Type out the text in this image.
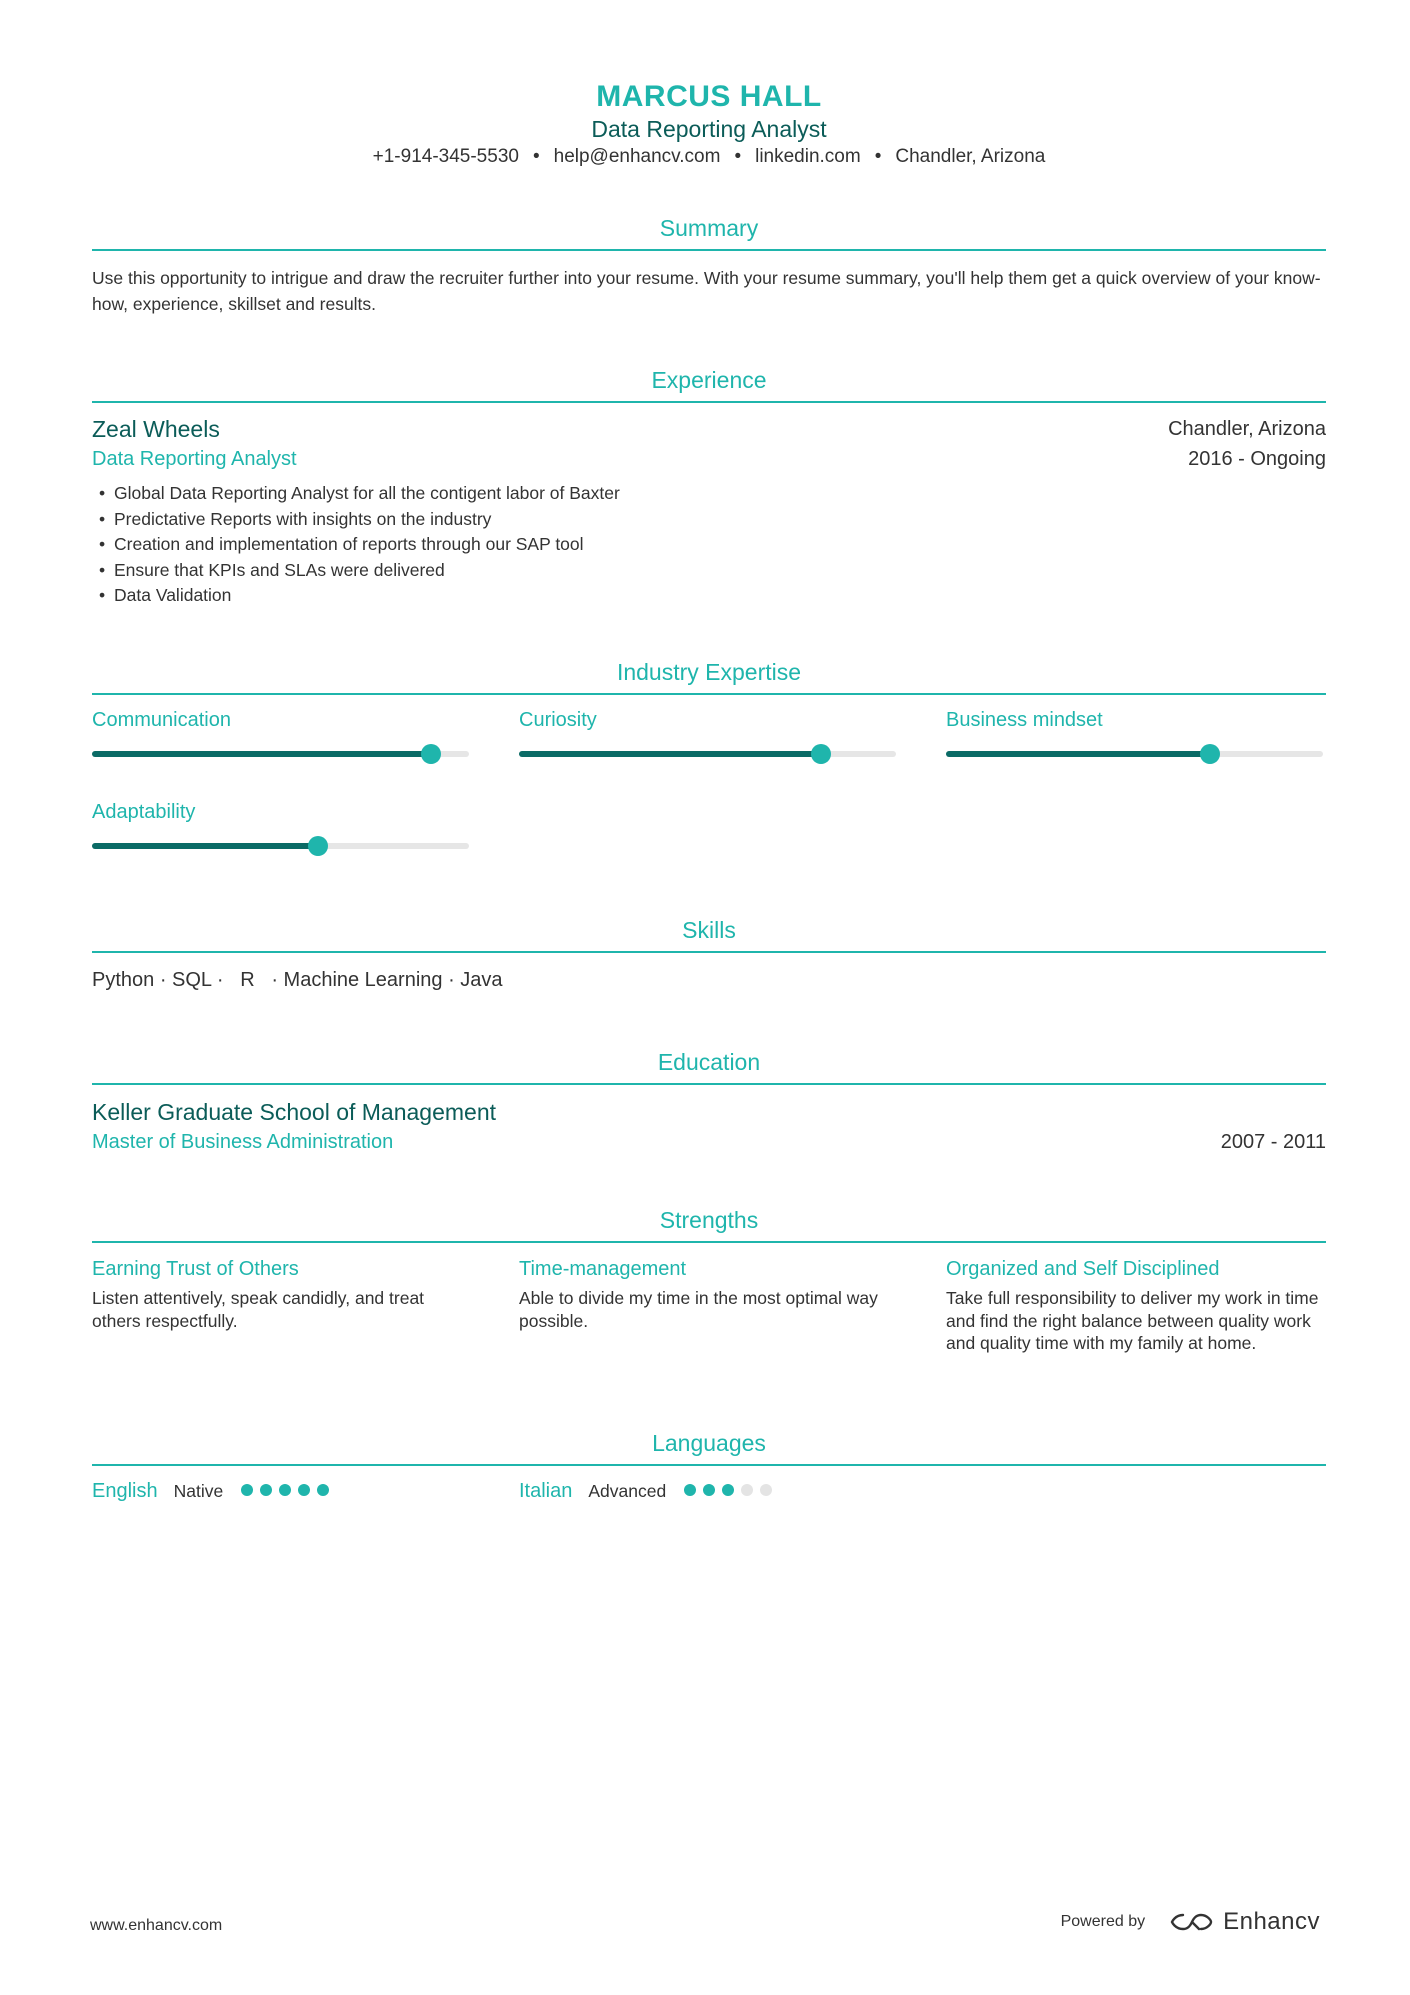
MARCUS HALL
Data Reporting Analyst
+1-914-345-5530 • help@enhancv.com • linkedin.com • Chandler, Arizona
Summary
Use this opportunity to intrigue and draw the recruiter further into your resume. With your resume summary, you'll help them get a quick overview of your know-how, experience, skillset and results.
Experience
Zeal Wheels	Chandler, Arizona
Data Reporting Analyst	2016 - Ongoing
• Global Data Reporting Analyst for all the contigent labor of Baxter
• Predictative Reports with insights on the industry
• Creation and implementation of reports through our SAP tool
• Ensure that KPIs and SLAs were delivered
• Data Validation
Industry Expertise
Communication	Curiosity	Business mindset
Adaptability
Skills
Python · SQL ·   R   · Machine Learning · Java
Education
Keller Graduate School of Management
Master of Business Administration	2007 - 2011
Strengths
Earning Trust of Others
Listen attentively, speak candidly, and treat others respectfully.
Time-management
Able to divide my time in the most optimal way possible.
Organized and Self Disciplined
Take full responsibility to deliver my work in time and find the right balance between quality work and quality time with my family at home.
Languages
English Native	Italian Advanced
www.enhancv.com	Powered by	Enhancv
